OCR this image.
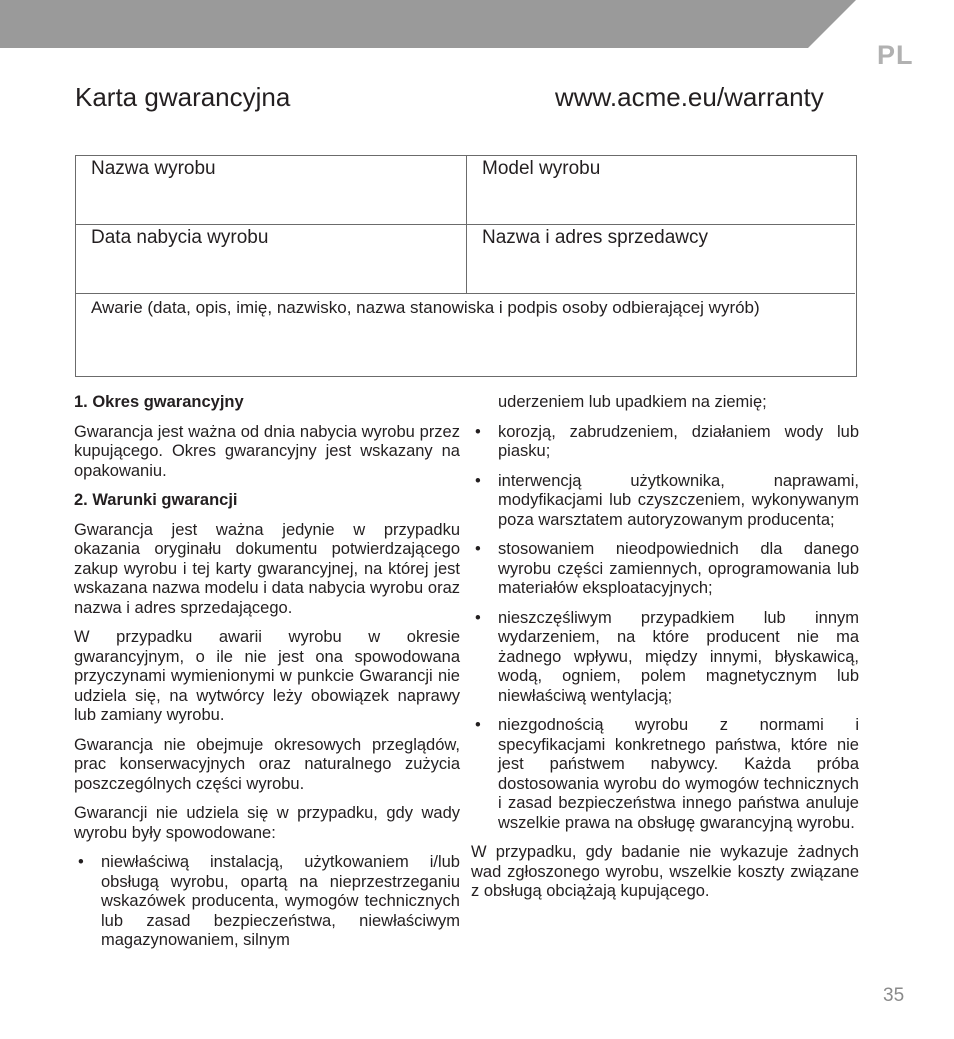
PL
Karta gwarancyjna	www.acme.eu/warranty
Nazwa wyrobu	Model wyrobu
Data nabycia wyrobu	Nazwa i adres sprzedawcy
Awarie (data, opis, imię, nazwisko, nazwa stanowiska i podpis osoby odbierającej wyrób)
1. Okres gwarancyjny

Gwarancja jest ważna od dnia nabycia wyrobu przez kupującego. Okres gwarancyjny jest wskazany na opakowaniu.

2. Warunki gwarancji

Gwarancja jest ważna jedynie w przypadku okazania oryginału dokumentu potwierdzającego zakup wyrobu i tej karty gwarancyjnej, na której jest wskazana nazwa modelu i data nabycia wyrobu oraz nazwa i adres sprzedającego.

W przypadku awarii wyrobu w okresie gwarancyjnym, o ile nie jest ona spowodowana przyczynami wymienionymi w punkcie Gwarancji nie udziela się, na wytwórcy leży obowiązek naprawy lub zamiany wyrobu.

Gwarancja nie obejmuje okresowych przeglądów, prac konserwacyjnych oraz naturalnego zużycia poszczególnych części wyrobu.

Gwarancji nie udziela się w przypadku, gdy wady wyrobu były spowodowane:

• niewłaściwą instalacją, użytkowaniem i/lub obsługą wyrobu, opartą na nieprzestrzeganiu wskazówek producenta, wymogów technicznych lub zasad bezpieczeństwa, niewłaściwym magazynowaniem, silnym

uderzeniem lub upadkiem na ziemię;

• korozją, zabrudzeniem, działaniem wody lub piasku;
• interwencją użytkownika, naprawami, modyfikacjami lub czyszczeniem, wykonywanym poza warsztatem autoryzowanym producenta;
• stosowaniem nieodpowiednich dla danego wyrobu części zamiennych, oprogramowania lub materiałów eksploatacyjnych;
• nieszczęśliwym przypadkiem lub innym wydarzeniem, na które producent nie ma żadnego wpływu, między innymi, błyskawicą, wodą, ogniem, polem magnetycznym lub niewłaściwą wentylacją;
• niezgodnością wyrobu z normami i specyfikacjami konkretnego państwa, które nie jest państwem nabywcy. Każda próba dostosowania wyrobu do wymogów technicznych i zasad bezpieczeństwa innego państwa anuluje wszelkie prawa na obsługę gwarancyjną wyrobu.

W przypadku, gdy badanie nie wykazuje żadnych wad zgłoszonego wyrobu, wszelkie koszty związane z obsługą obciążają kupującego.

35
